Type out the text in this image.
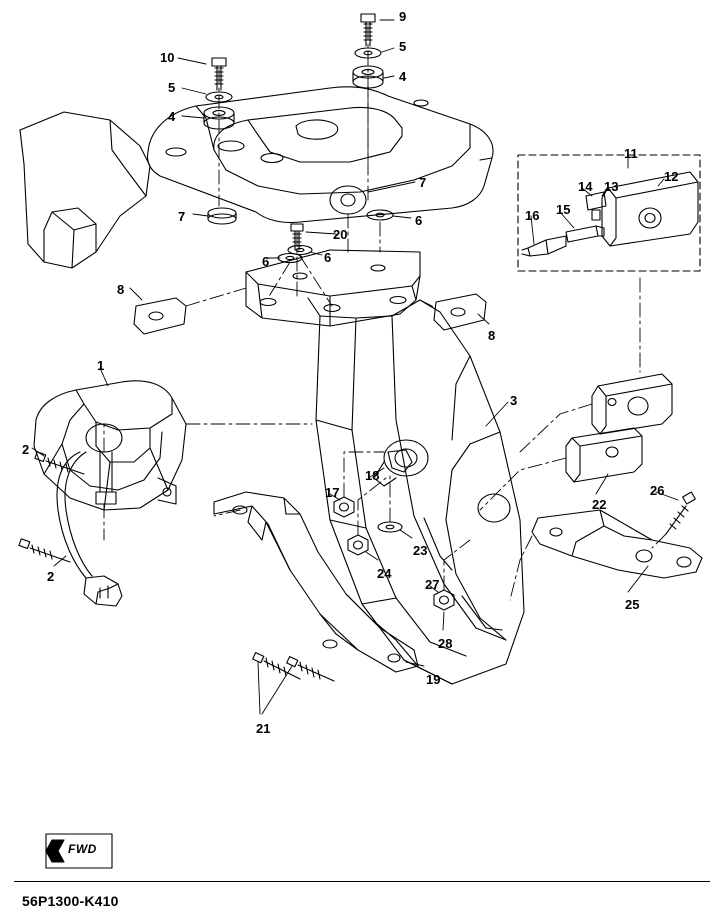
FWD
56P1300-K410
9
5
4
10
5
4
7
7	6
20
6	6
8
8
11
14 13
12
16 15
1
2
2
3
22
26
25
17
18
23
24
27
28
19
21
